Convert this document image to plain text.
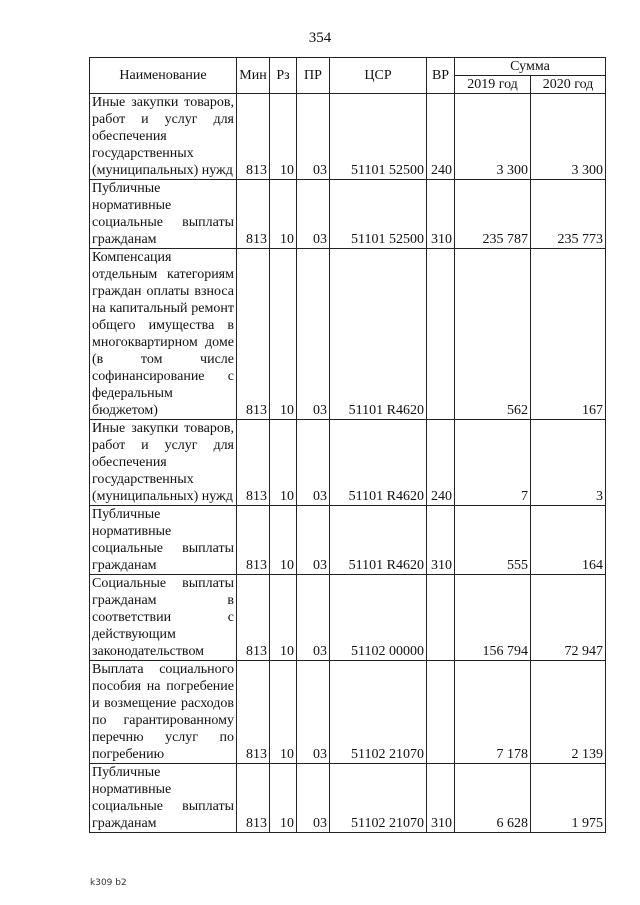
354
Наименование	Мин	Рз	ПР	ЦСР	ВР	Сумма	
						2019 год	2020 год
Иные закупки товаров, работ и услуг для обеспечения государственных (муниципальных) нужд	813	10	03	51101 52500	240	3 300	3 300
Публичные нормативные социальные выплаты гражданам	813	10	03	51101 52500	310	235 787	235 773
Компенсация отдельным категориям граждан оплаты взноса на капитальный ремонт общего имущества в многоквартирном доме (в том числе софинансирование с федеральным бюджетом)	813	10	03	51101 R4620		562	167
Иные закупки товаров, работ и услуг для обеспечения государственных (муниципальных) нужд	813	10	03	51101 R4620	240	7	3
Публичные нормативные социальные выплаты гражданам	813	10	03	51101 R4620	310	555	164
Социальные выплаты гражданам в соответствии с действующим законодательством	813	10	03	51102 00000		156 794	72 947
Выплата социального пособия на погребение и возмещение расходов по гарантированному перечню услуг по погребению	813	10	03	51102 21070		7 178	2 139
Публичные нормативные социальные выплаты гражданам	813	10	03	51102 21070	310	6 628	1 975
k309 b2
